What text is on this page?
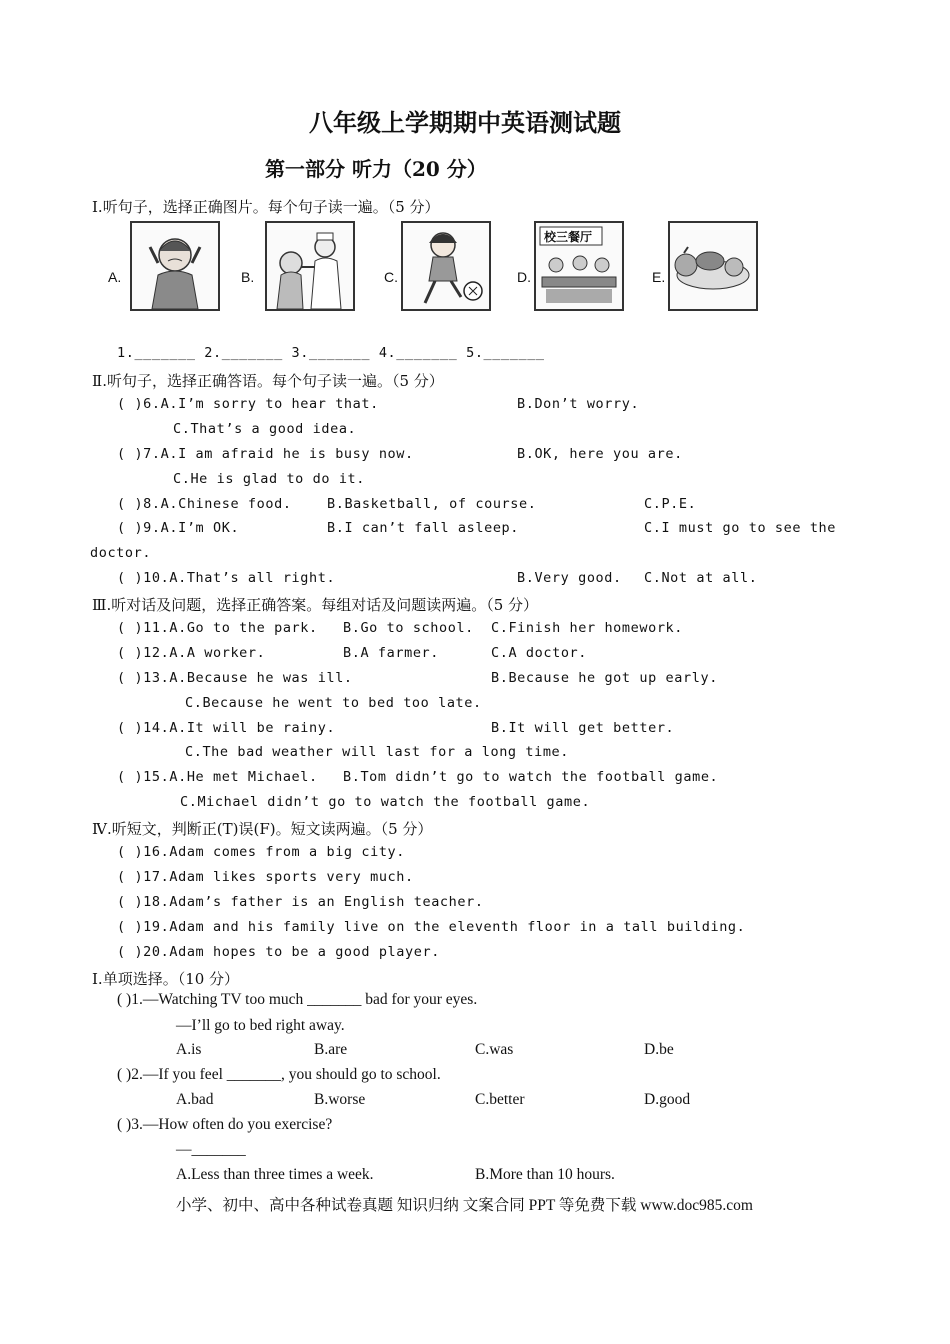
八年级上学期期中英语测试题
第一部分 听力（20 分）
Ⅰ.听句子，选择正确图片。每个句子读一遍。（5 分）
A.	B.	C.	D.
校三餐厅
E.
1._______ 2._______ 3._______ 4._______ 5._______
Ⅱ.听句子，选择正确答语。每个句子读一遍。（5 分）
( )6.A.I’m sorry to hear that.	B.Don’t worry.
C.That’s a good idea.
( )7.A.I am afraid he is busy now.	B.OK, here you are.
C.He is glad to do it.
( )8.A.Chinese food.	B.Basketball, of course.	C.P.E.
( )9.A.I’m OK.	B.I can’t fall asleep.	C.I must go to see the
doctor.
( )10.A.That’s all right.	B.Very good. C.Not at all.
Ⅲ.听对话及问题，选择正确答案。每组对话及问题读两遍。（5 分）
( )11.A.Go to the park. B.Go to school. C.Finish her homework.
( )12.A.A worker.	B.A farmer.	C.A doctor.
( )13.A.Because he was ill.	B.Because he got up early.
C.Because he went to bed too late.
( )14.A.It will be rainy.	B.It will get better.
C.The bad weather will last for a long time.
( )15.A.He met Michael. B.Tom didn’t go to watch the football game.
C.Michael didn’t go to watch the football game.
Ⅳ.听短文，判断正(T)误(F)。短文读两遍。（5 分）
( )16.Adam comes from a big city.
( )17.Adam likes sports very much.
( )18.Adam’s father is an English teacher.
( )19.Adam and his family live on the eleventh floor in a tall building.
( )20.Adam hopes to be a good player.
Ⅰ.单项选择。（10 分）
( )1.—Watching TV too much _______ bad for your eyes.
—I’ll go to bed right away.
A.is	B.are	C.was	D.be
( )2.—If you feel _______, you should go to school.
A.bad	B.worse	C.better	D.good
( )3.—How often do you exercise?
—_______
A.Less than three times a week.	B.More than 10 hours.
小学、初中、高中各种试卷真题 知识归纳 文案合同 PPT 等免费下载 www.doc985.com
